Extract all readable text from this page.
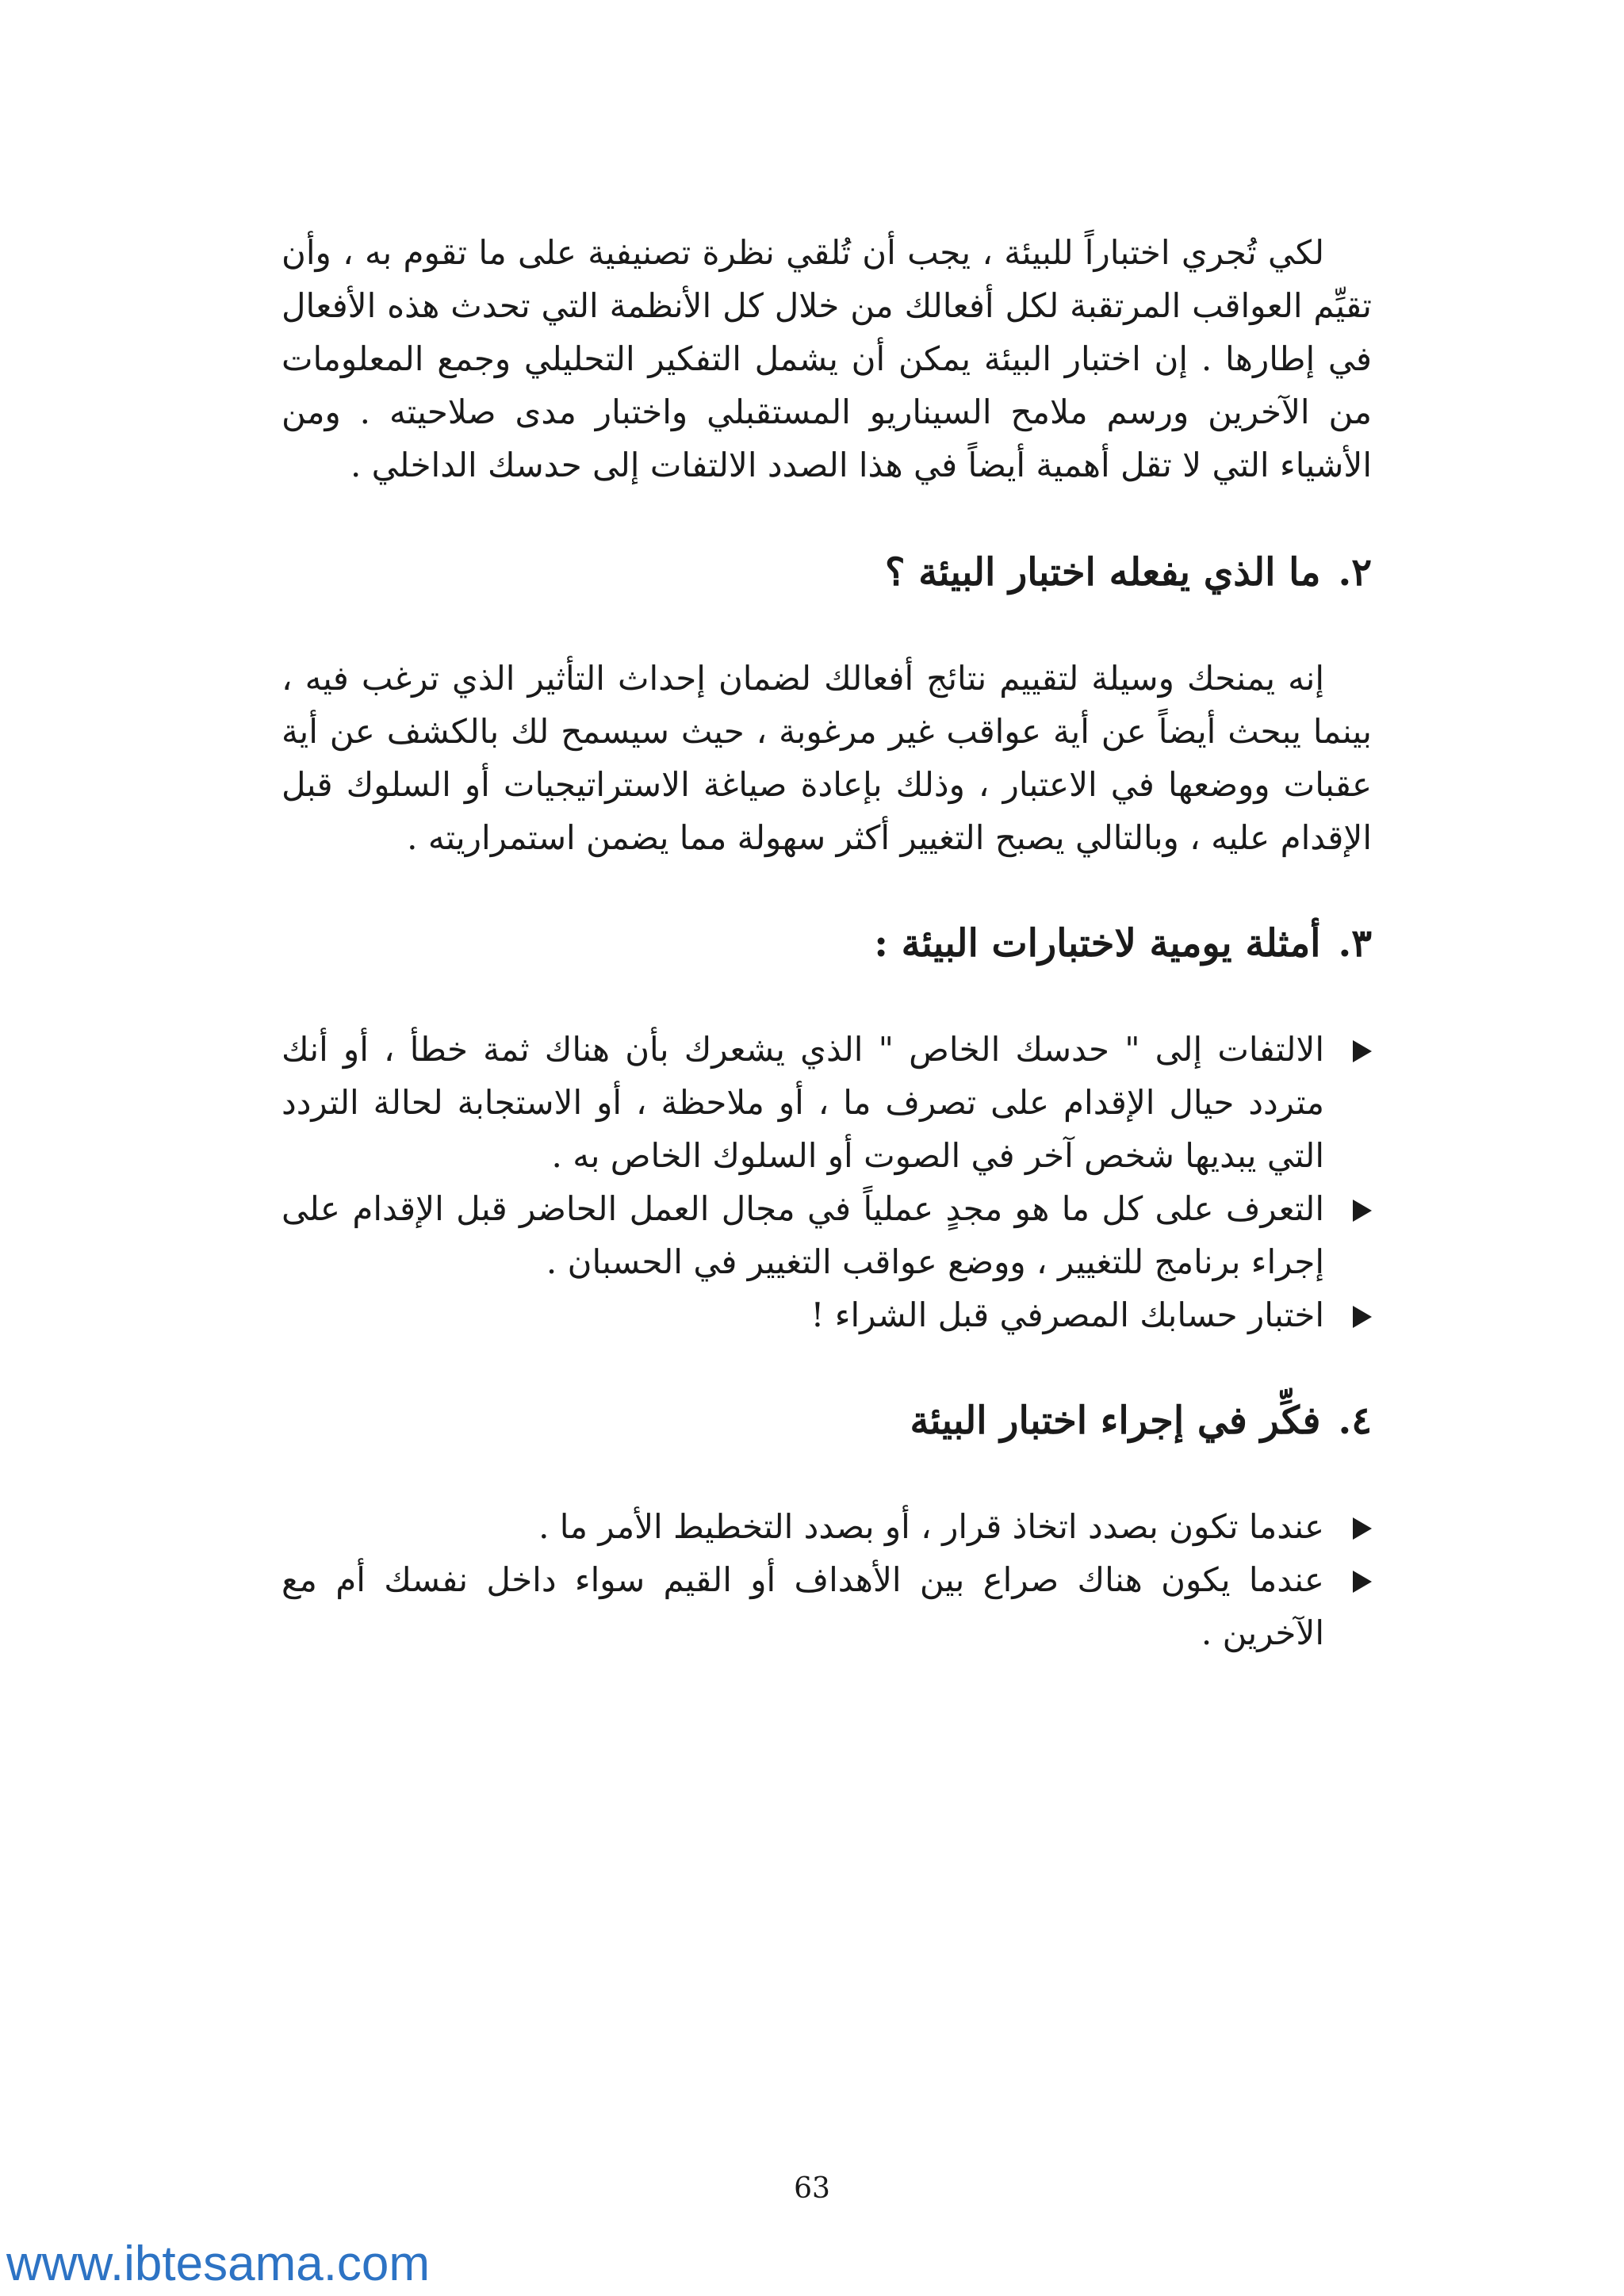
لكي تُجري اختباراً للبيئة ، يجب أن تُلقي نظرة تصنيفية على ما تقوم به ، وأن تقيِّم العواقب المرتقبة لكل أفعالك من خلال كل الأنظمة التي تحدث هذه الأفعال في إطارها . إن اختبار البيئة يمكن أن يشمل التفكير التحليلي وجمع المعلومات من الآخرين ورسم ملامح السيناريو المستقبلي واختبار مدى صلاحيته . ومن الأشياء التي لا تقل أهمية أيضاً في هذا الصدد الالتفات إلى حدسك الداخلي .

٢.
ما الذي يفعله اختبار البيئة ؟

إنه يمنحك وسيلة لتقييم نتائج أفعالك لضمان إحداث التأثير الذي ترغب فيه ، بينما يبحث أيضاً عن أية عواقب غير مرغوبة ، حيث سيسمح لك بالكشف عن أية عقبات ووضعها في الاعتبار ، وذلك بإعادة صياغة الاستراتيجيات أو السلوك قبل الإقدام عليه ، وبالتالي يصبح التغيير أكثر سهولة مما يضمن استمراريته .

٣.
أمثلة يومية لاختبارات البيئة :
الالتفات إلى " حدسك الخاص " الذي يشعرك بأن هناك ثمة خطأ ، أو أنك متردد حيال الإقدام على تصرف ما ، أو ملاحظة ، أو الاستجابة لحالة التردد التي يبديها شخص آخر في الصوت أو السلوك الخاص به .
التعرف على كل ما هو مجدٍ عملياً في مجال العمل الحاضر قبل الإقدام على إجراء برنامج للتغيير ، ووضع عواقب التغيير في الحسبان .
اختبار حسابك المصرفي قبل الشراء !
٤.
فكِّر في إجراء اختبار البيئة
عندما تكون بصدد اتخاذ قرار ، أو بصدد التخطيط الأمر ما .
عندما يكون هناك صراع بين الأهداف أو القيم سواء داخل نفسك أم مع الآخرين .
63
www.ibtesama.com
